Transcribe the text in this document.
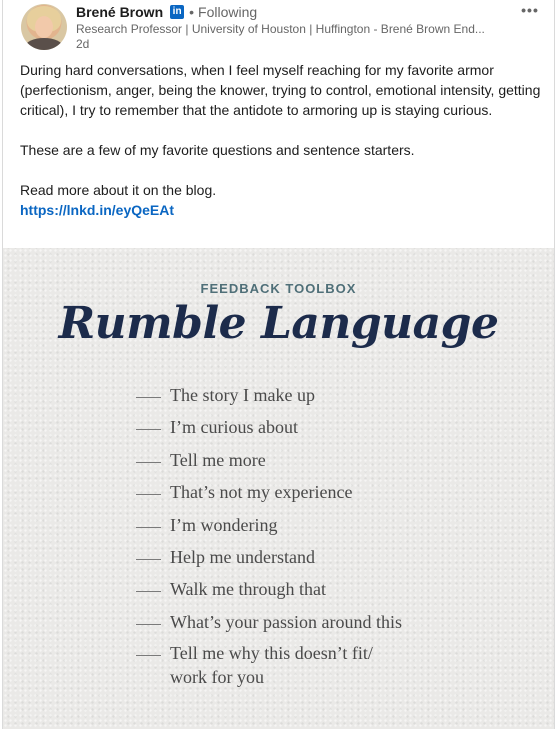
Brené Brown in • Following	•••
Research Professor | University of Houston | Huffington - Brené Brown End...
2d

During hard conversations, when I feel myself reaching for my favorite armor (perfectionism, anger, being the knower, trying to control, emotional intensity, getting critical), I try to remember that the antidote to armoring up is staying curious.

These are a few of my favorite questions and sentence starters.

Read more about it on the blog.

https://lnkd.in/eyQeEAt
FEEDBACK TOOLBOX
Rumble Language
The story I make up
I’m curious about
Tell me more
That’s not my experience
I’m wondering
Help me understand
Walk me through that
What’s your passion around this
Tell me why this doesn’t fit/
work for you
